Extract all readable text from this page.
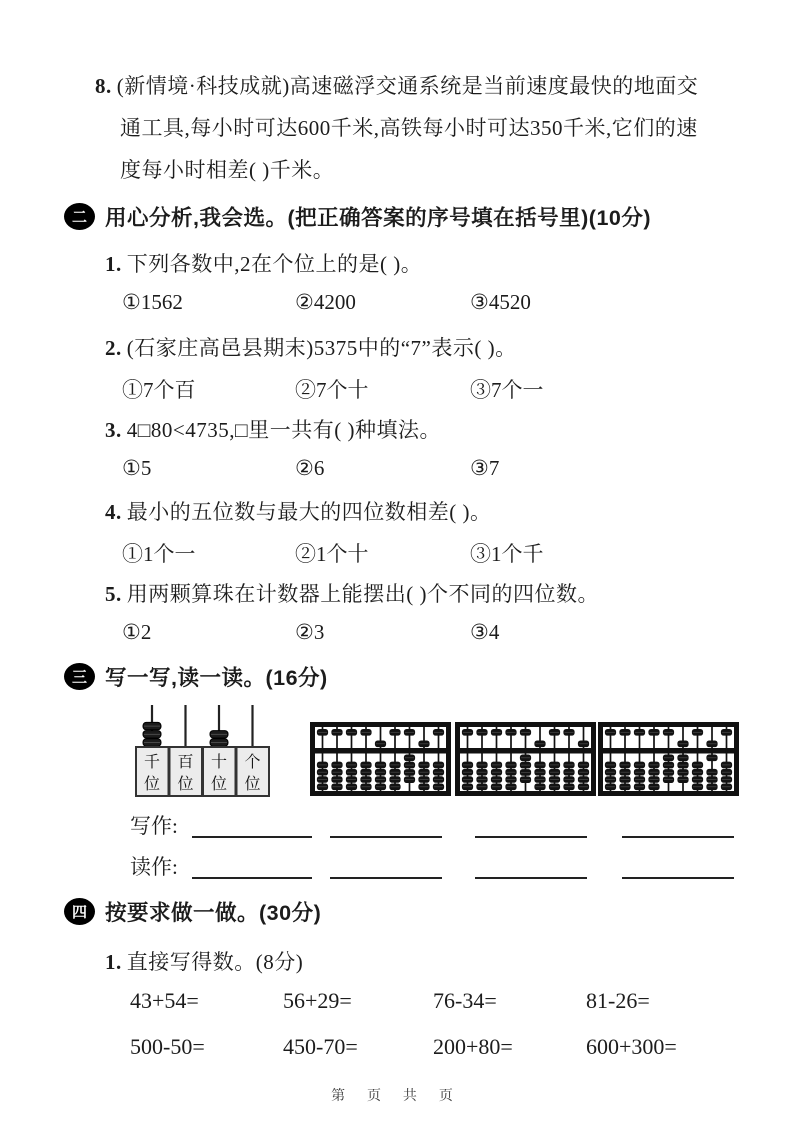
8. (新情境·科技成就)高速磁浮交通系统是当前速度最快的地面交
通工具,每小时可达600千米,高铁每小时可达350千米,它们的速
度每小时相差( )千米。
二 用心分析,我会选。(把正确答案的序号填在括号里)(10分)
1. 下列各数中,2在个位上的是( )。
①1562	②4200	③4520
2. (石家庄高邑县期末)5375中的“7”表示( )。
①7个百	②7个十	③7个一
3. 4□80<4735,□里一共有( )种填法。
①5	②6	③7
4. 最小的五位数与最大的四位数相差( )。
①1个一	②1个十	③1个千
5. 用两颗算珠在计数器上能摆出( )个不同的四位数。
①2	②3	③4
三 写一写,读一读。(16分)
千
位
百
位
十
位
个
位
写作:
读作:
四 按要求做一做。(30分)
1. 直接写得数。(8分)
43+54=	56+29=	76-34=	81-26=
500-50=	450-70=	200+80=	600+300=
第 页 共 页
